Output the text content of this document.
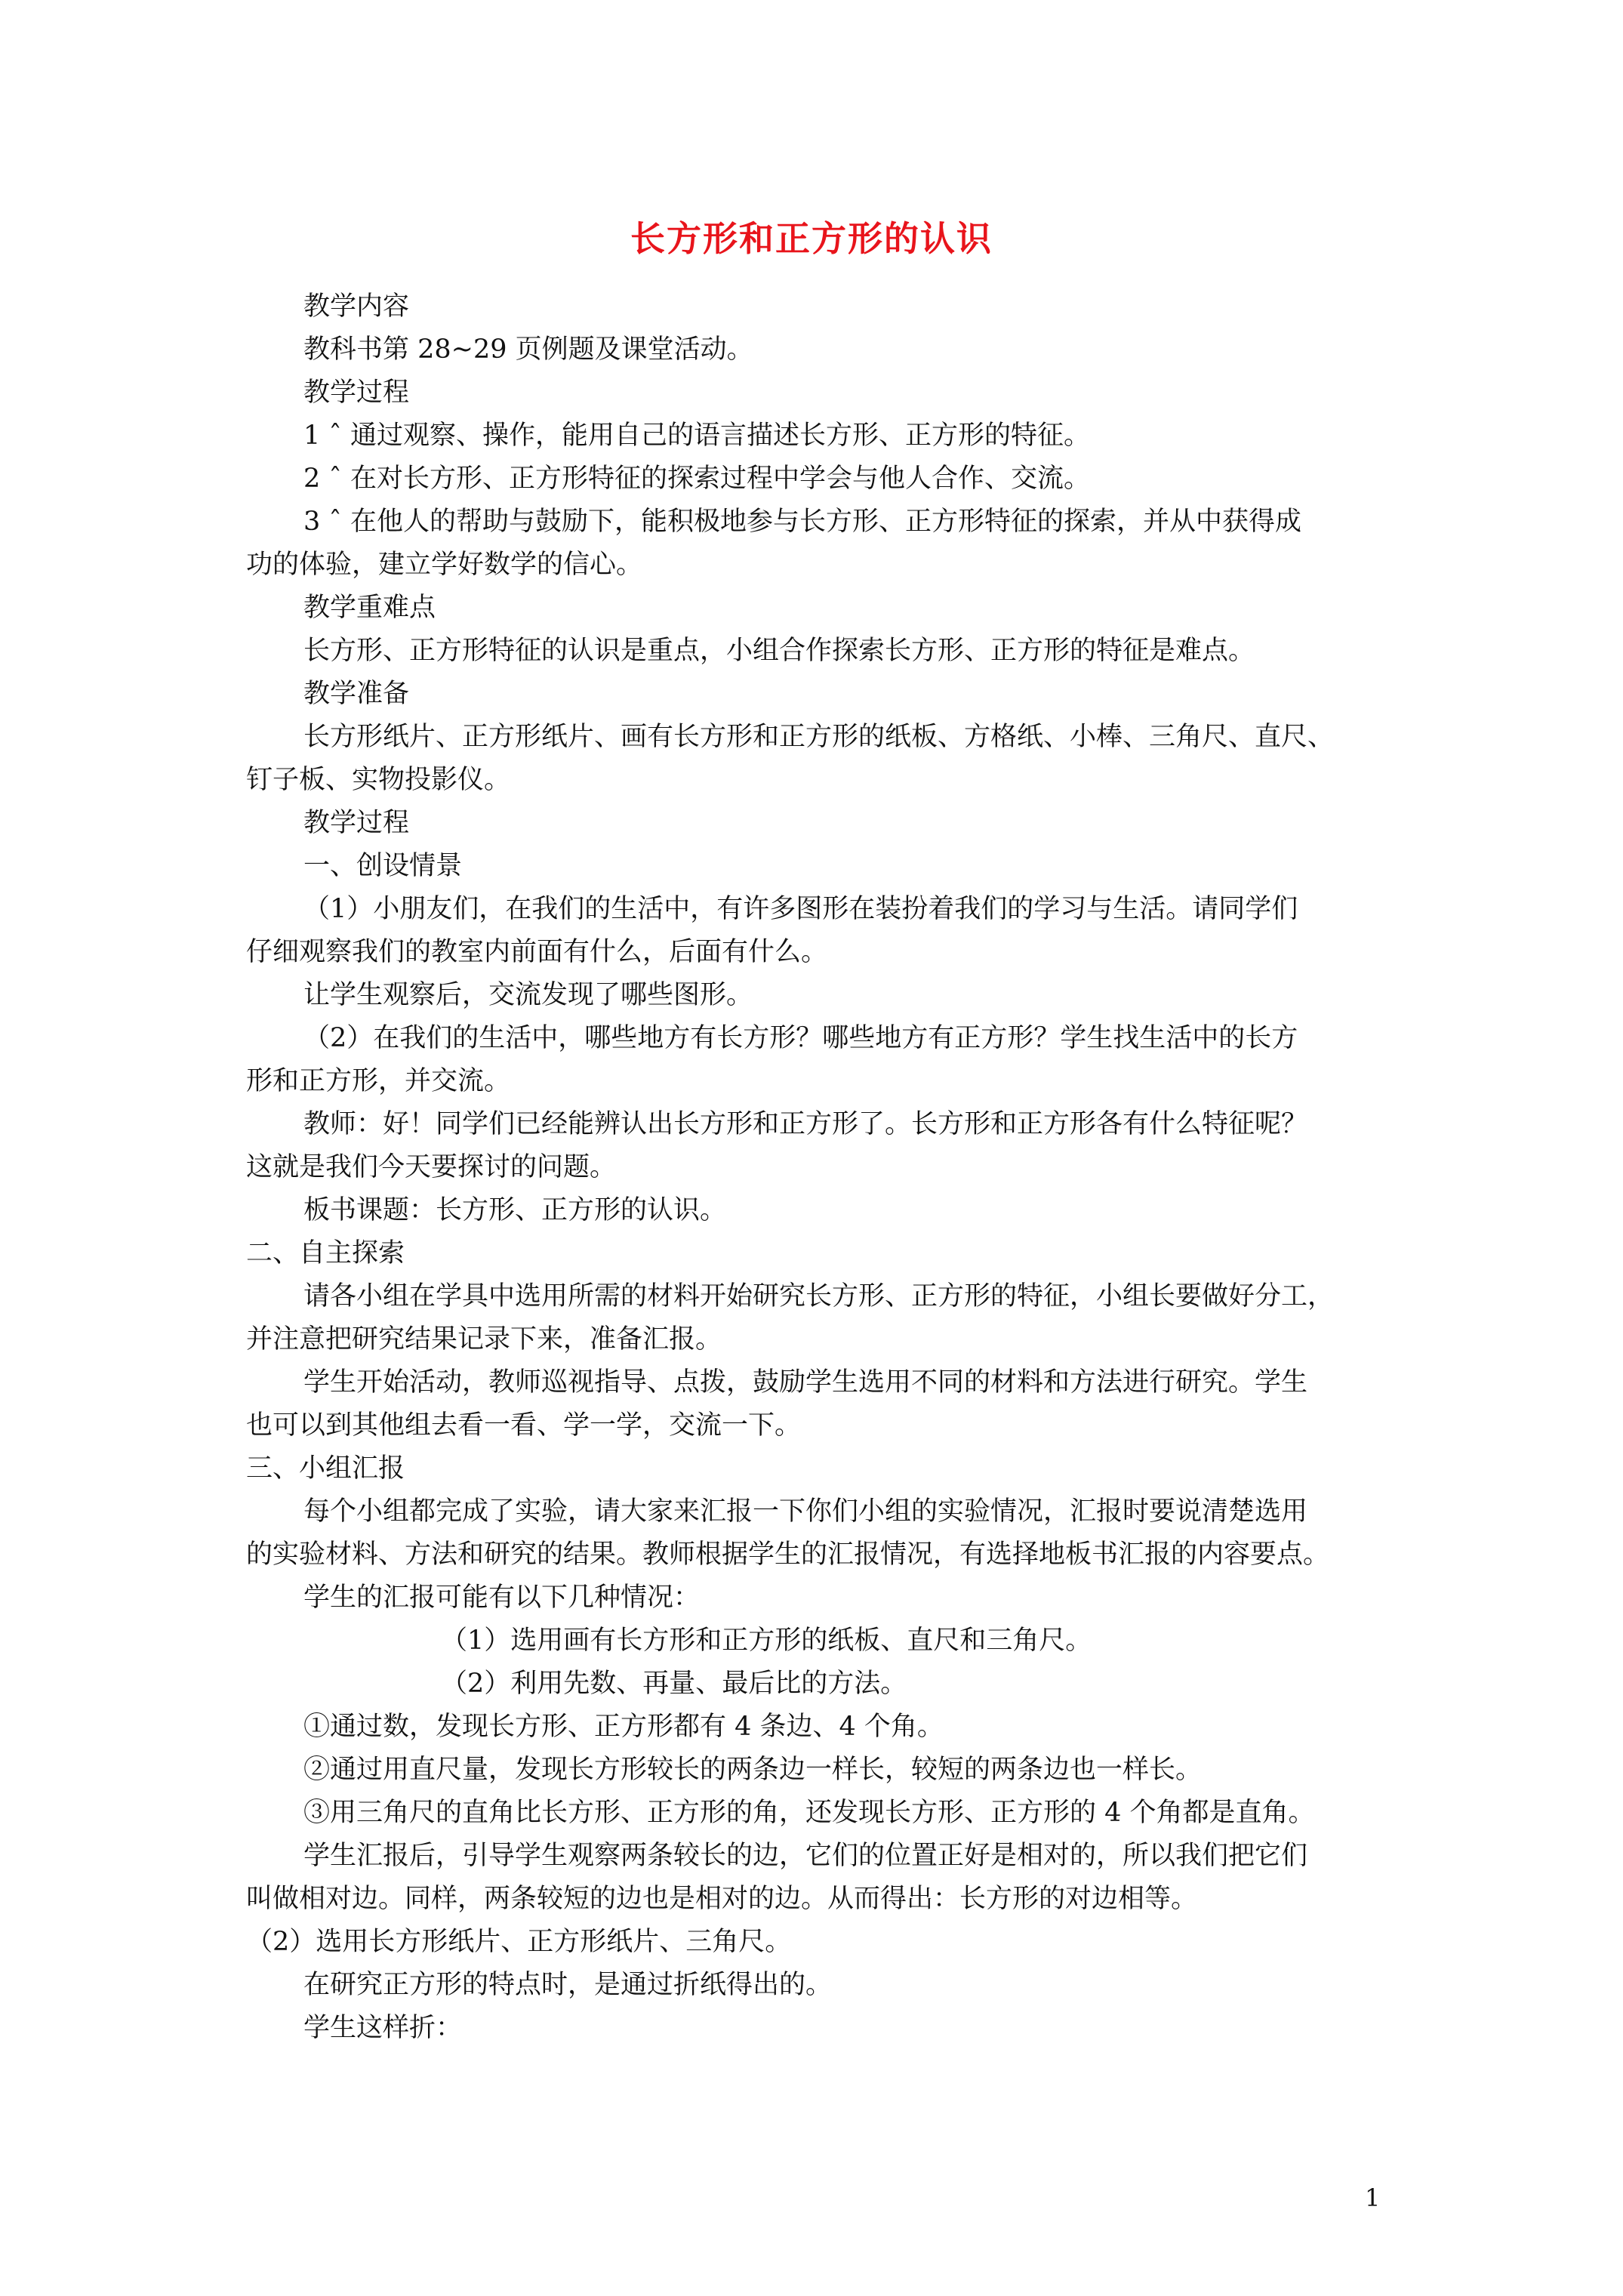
长方形和正方形的认识
教学内容
教科书第 28~29 页例题及课堂活动。
教学过程
1 ˆ 通过观察、操作，能用自己的语言描述长方形、正方形的特征。
2 ˆ 在对长方形、正方形特征的探索过程中学会与他人合作、交流。
3 ˆ 在他人的帮助与鼓励下，能积极地参与长方形、正方形特征的探索，并从中获得成
功的体验，建立学好数学的信心。
教学重难点
长方形、正方形特征的认识是重点，小组合作探索长方形、正方形的特征是难点。
教学准备
长方形纸片、正方形纸片、画有长方形和正方形的纸板、方格纸、小棒、三角尺、直尺、
钉子板、实物投影仪。
教学过程
一、创设情景
（1）小朋友们，在我们的生活中，有许多图形在装扮着我们的学习与生活。请同学们
仔细观察我们的教室内前面有什么，后面有什么。
让学生观察后，交流发现了哪些图形。
（2）在我们的生活中，哪些地方有长方形？哪些地方有正方形？学生找生活中的长方
形和正方形，并交流。
教师：好！同学们已经能辨认出长方形和正方形了。长方形和正方形各有什么特征呢？
这就是我们今天要探讨的问题。
板书课题：长方形、正方形的认识。
二、自主探索
请各小组在学具中选用所需的材料开始研究长方形、正方形的特征，小组长要做好分工，
并注意把研究结果记录下来，准备汇报。
学生开始活动，教师巡视指导、点拨，鼓励学生选用不同的材料和方法进行研究。学生
也可以到其他组去看一看、学一学，交流一下。
三、小组汇报
每个小组都完成了实验，请大家来汇报一下你们小组的实验情况，汇报时要说清楚选用
的实验材料、方法和研究的结果。教师根据学生的汇报情况，有选择地板书汇报的内容要点。
学生的汇报可能有以下几种情况：
（1）选用画有长方形和正方形的纸板、直尺和三角尺。
（2）利用先数、再量、最后比的方法。
①通过数，发现长方形、正方形都有 4 条边、4 个角。
②通过用直尺量，发现长方形较长的两条边一样长，较短的两条边也一样长。
③用三角尺的直角比长方形、正方形的角，还发现长方形、正方形的 4 个角都是直角。
学生汇报后，引导学生观察两条较长的边，它们的位置正好是相对的，所以我们把它们
叫做相对边。同样，两条较短的边也是相对的边。从而得出：长方形的对边相等。
（2）选用长方形纸片、正方形纸片、三角尺。
在研究正方形的特点时，是通过折纸得出的。
学生这样折：
1
